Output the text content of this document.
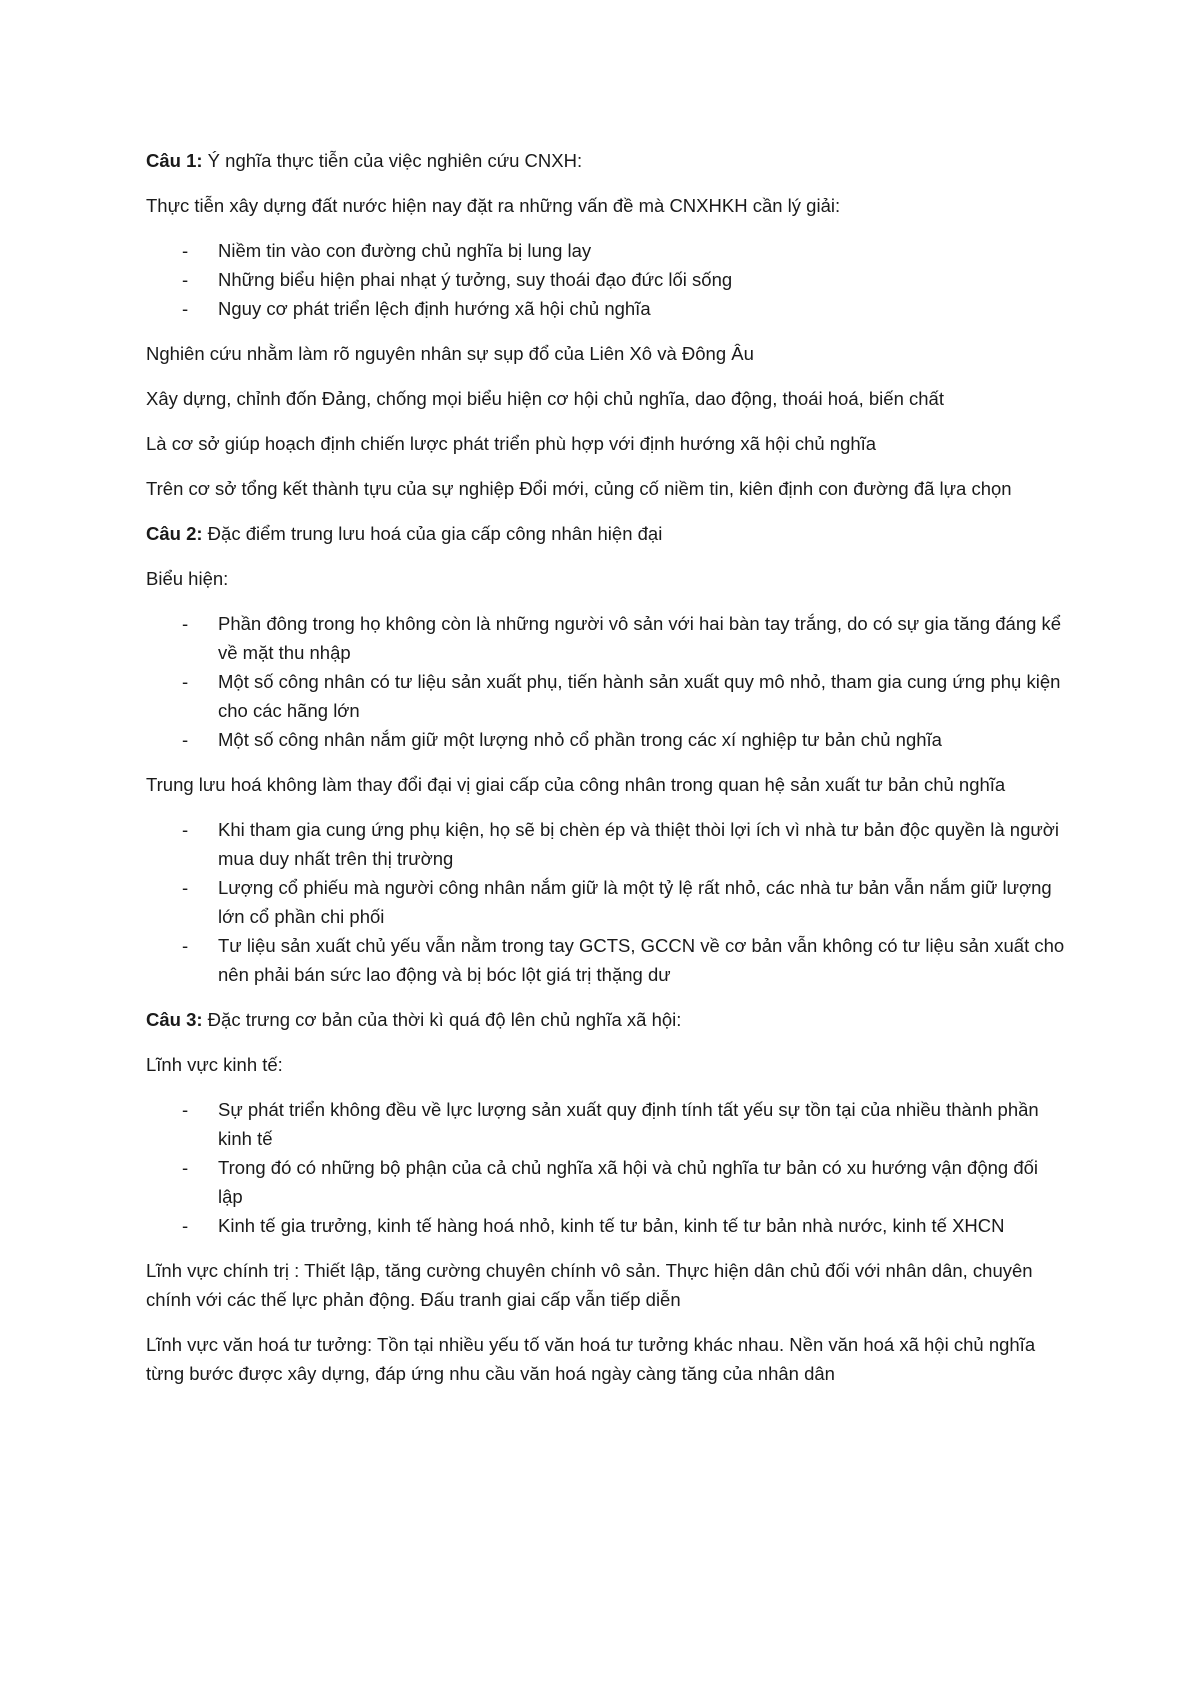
Câu 1: Ý nghĩa thực tiễn của việc nghiên cứu CNXH:

Thực tiễn xây dựng đất nước hiện nay đặt ra những vấn đề mà CNXHKH cần lý giải:

- Niềm tin vào con đường chủ nghĩa bị lung lay
- Những biểu hiện phai nhạt ý tưởng, suy thoái đạo đức lối sống
- Nguy cơ phát triển lệch định hướng xã hội chủ nghĩa

Nghiên cứu nhằm làm rõ nguyên nhân sự sụp đổ của Liên Xô và Đông Âu

Xây dựng, chỉnh đốn Đảng, chống mọi biểu hiện cơ hội chủ nghĩa, dao động, thoái hoá, biến chất

Là cơ sở giúp hoạch định chiến lược phát triển phù hợp với định hướng xã hội chủ nghĩa

Trên cơ sở tổng kết thành tựu của sự nghiệp Đổi mới, củng cố niềm tin, kiên định con đường đã lựa chọn

Câu 2: Đặc điểm trung lưu hoá của gia cấp công nhân hiện đại

Biểu hiện:

- Phần đông trong họ không còn là những người vô sản với hai bàn tay trắng, do có sự gia tăng đáng kể về mặt thu nhập
- Một số công nhân có tư liệu sản xuất phụ, tiến hành sản xuất quy mô nhỏ, tham gia cung ứng phụ kiện cho các hãng lớn
- Một số công nhân nắm giữ một lượng nhỏ cổ phần trong các xí nghiệp tư bản chủ nghĩa

Trung lưu hoá không làm thay đổi đại vị giai cấp của công nhân trong quan hệ sản xuất tư bản chủ nghĩa

- Khi tham gia cung ứng phụ kiện, họ sẽ bị chèn ép và thiệt thòi lợi ích vì nhà tư bản độc quyền là người mua duy nhất trên thị trường
- Lượng cổ phiếu mà người công nhân nắm giữ là một tỷ lệ rất nhỏ, các nhà tư bản vẫn nắm giữ lượng lớn cổ phần chi phối
- Tư liệu sản xuất chủ yếu vẫn nằm trong tay GCTS, GCCN về cơ bản vẫn không có tư liệu sản xuất cho nên phải bán sức lao động và bị bóc lột giá trị thặng dư

Câu 3: Đặc trưng cơ bản của thời kì quá độ lên chủ nghĩa xã hội:

Lĩnh vực kinh tế:

- Sự phát triển không đều về lực lượng sản xuất quy định tính tất yếu sự tồn tại của nhiều thành phần kinh tế
- Trong đó có những bộ phận của cả chủ nghĩa xã hội và chủ nghĩa tư bản có xu hướng vận động đối lập
- Kinh tế gia trưởng, kinh tế hàng hoá nhỏ, kinh tế tư bản, kinh tế tư bản nhà nước, kinh tế XHCN

Lĩnh vực chính trị : Thiết lập, tăng cường chuyên chính vô sản. Thực hiện dân chủ đối với nhân dân, chuyên chính với các thế lực phản động. Đấu tranh giai cấp vẫn tiếp diễn

Lĩnh vực văn hoá tư tưởng: Tồn tại nhiều yếu tố văn hoá tư tưởng khác nhau. Nền văn hoá xã hội chủ nghĩa từng bước được xây dựng, đáp ứng nhu cầu văn hoá ngày càng tăng của nhân dân
